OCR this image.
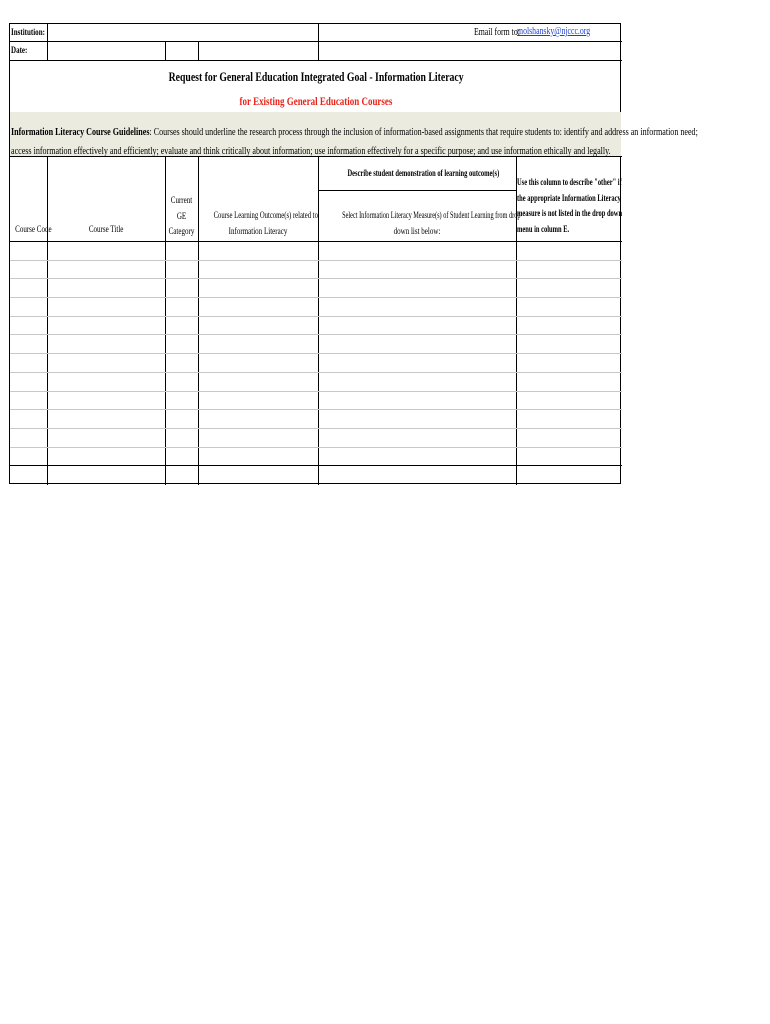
Institution:	Email form to:
molshansky@njccc.org
Date:
Request for General Education Integrated Goal - Information Literacy
for Existing General Education Courses
Information Literacy Course Guidelines: Courses should underline the research process through the inclusion of information-based assignments that require students to: identify and address an information need;
access information effectively and efficiently; evaluate and think critically about information; use information effectively for a specific purpose; and use information ethically and legally.
Course Code	Course Title
Current
GE
Category
Course Learning Outcome(s) related to
Information Literacy
Describe student demonstration of learning outcome(s)
Select Information Literacy Measure(s) of Student Learning from drop
down list below:
Use this column to describe "other" if
the appropriate Information Literacy
measure is not listed in the drop down
menu in column E.
